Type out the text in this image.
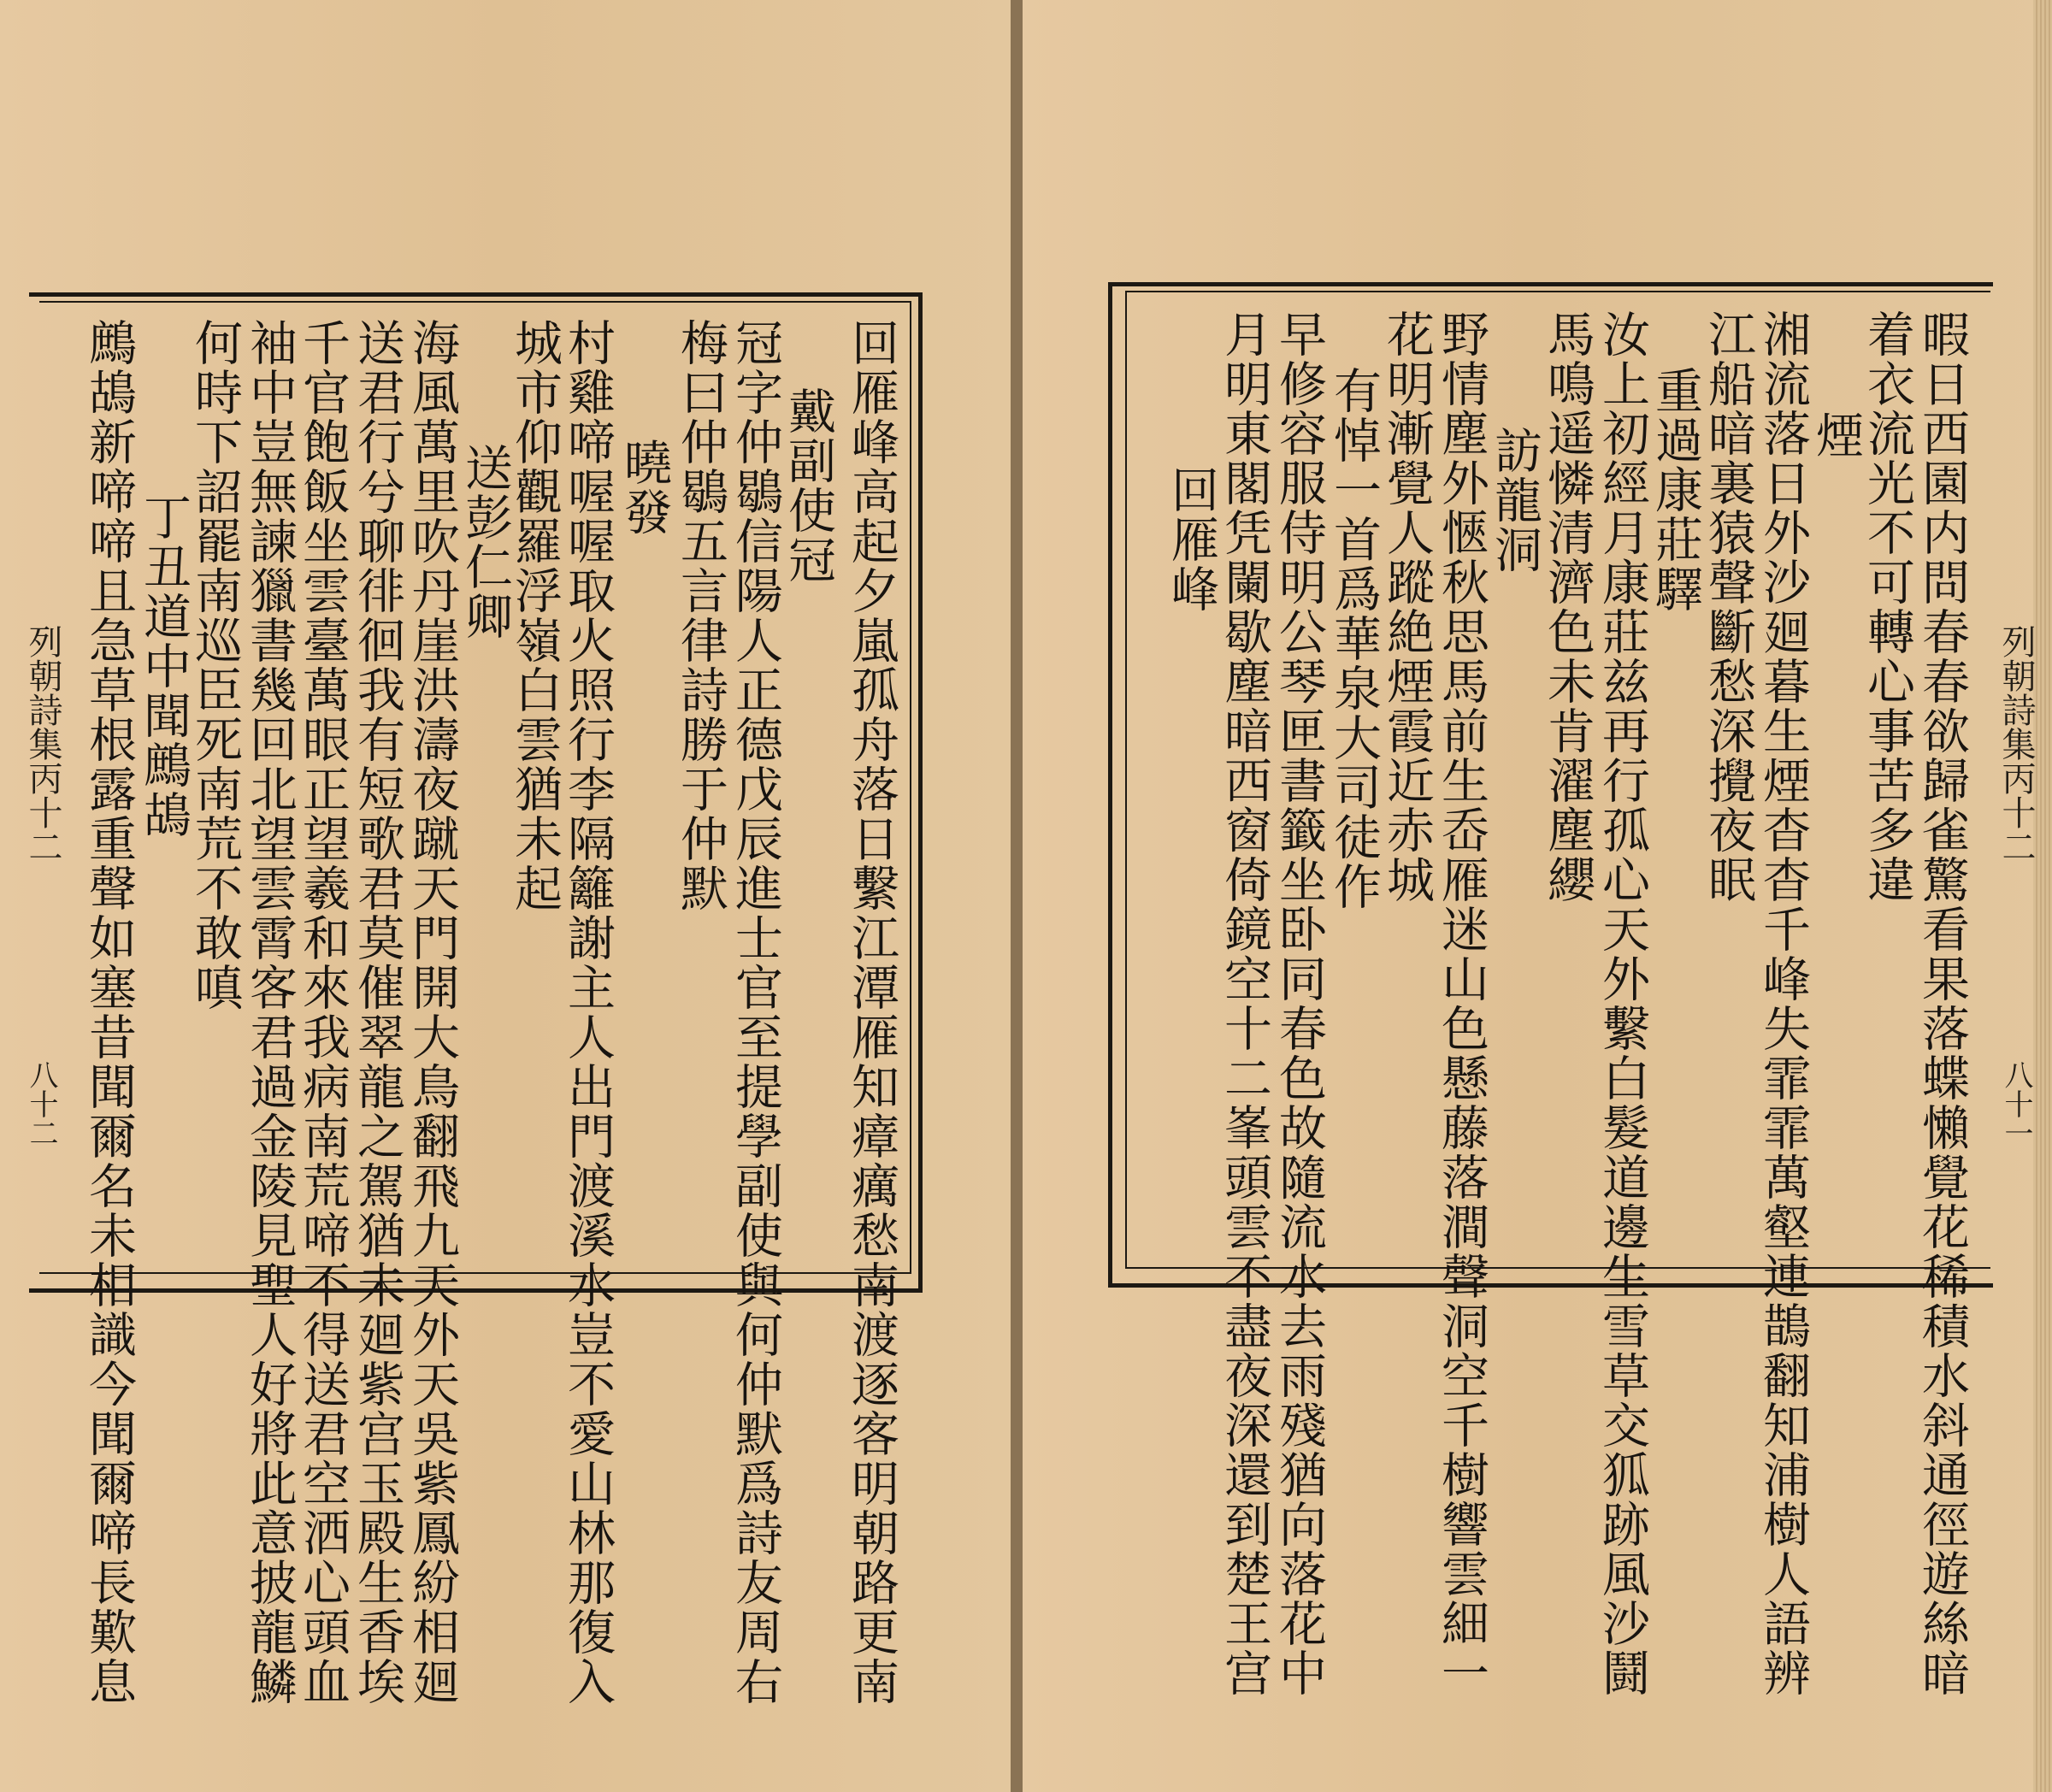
列朝詩集丙十二
八十二	回雁峰高起夕嵐孤舟落日繫江潭雁知瘴癘愁南渡逐客明朝路更南
戴副使冠
冠字仲鶡信陽人正德戊辰進士官至提學副使與何仲默爲詩友周右
梅曰仲鶡五言律詩勝于仲默
曉發
村雞啼喔喔取火照行李隔籬謝主人出門渡溪水豈不愛山林那復入
城市仰觀羅浮嶺白雲猶未起
送彭仁卿
海風萬里吹丹崖洪濤夜蹴天門開大鳥翻飛九天外天吳紫鳳紛相廻
送君行兮聊徘徊我有短歌君莫催翠龍之駕猶未廻紫宫玉殿生香埃
千官飽飯坐雲臺萬眼正望羲和來我病南荒啼不得送君空洒心頭血
袖中豈無諫獵書幾回北望雲霄客君過金陵見聖人好將此意披龍鱗
何時下詔罷南巡臣死南荒不敢嗔
丁丑道中聞鷓鴣
鷓鴣新啼啼且急草根露重聲如塞昔聞爾名未相識今聞爾啼長歎息	列朝詩集丙十二
八十一
暇日西園内問春春欲歸雀驚看果落蝶懶覺花稀積水斜通徑遊絲暗
着衣流光不可轉心事苦多違
煙
湘流落日外沙廻暮生煙杳杳千峰失霏霏萬壑連鵲翻知浦樹人語辨
江船暗裏猿聲斷愁深攪夜眠
重過康莊驛
汝上初經月康莊兹再行孤心天外繫白髮道邊生雪草交狐跡風沙鬪
馬鳴遥憐清濟色未肯濯塵纓
訪龍洞
野情塵外愜秋思馬前生岙雁迷山色懸藤落澗聲洞空千樹響雲細一
花明漸覺人蹤絶煙霞近赤城
有悼一首爲華泉大司徒作
早修容服侍明公琴匣書籤坐卧同春色故隨流水去雨殘猶向落花中
月明東閣凭闌歇塵暗西窗倚鏡空十二峯頭雲不盡夜深還到楚王宫
回雁峰
